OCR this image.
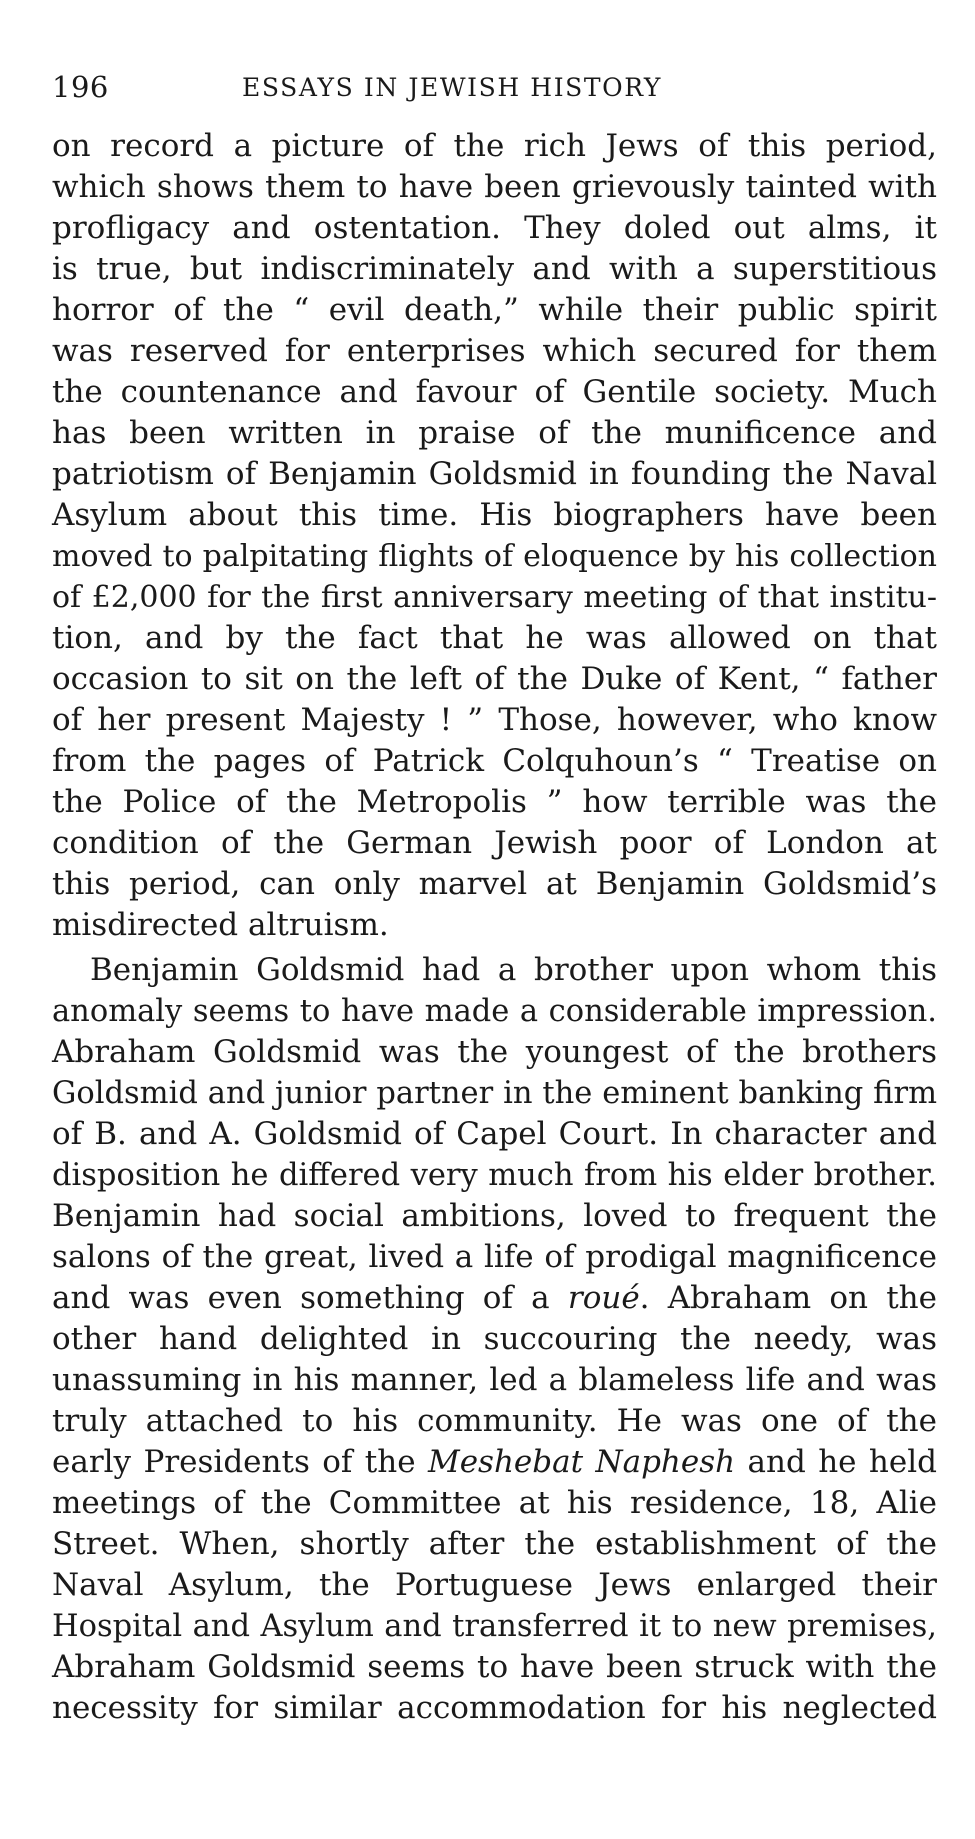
196	ESSAYS IN JEWISH HISTORY
on record a picture of the rich Jews of this period,
which shows them to have been grievously tainted with
profligacy and ostentation. They doled out alms, it
is true, but indiscriminately and with a superstitious
horror of the “ evil death,” while their public spirit
was reserved for enterprises which secured for them
the countenance and favour of Gentile society. Much
has been written in praise of the munificence and
patriotism of Benjamin Goldsmid in founding the Naval
Asylum about this time. His biographers have been
moved to palpitating flights of eloquence by his collection
of £2,000 for the first anniversary meeting of that institu-
tion, and by the fact that he was allowed on that
occasion to sit on the left of the Duke of Kent, “ father
of her present Majesty ! ” Those, however, who know
from the pages of Patrick Colquhoun’s “ Treatise on
the Police of the Metropolis ” how terrible was the
condition of the German Jewish poor of London at
this period, can only marvel at Benjamin Goldsmid’s
misdirected altruism.
Benjamin Goldsmid had a brother upon whom this
anomaly seems to have made a considerable impression.
Abraham Goldsmid was the youngest of the brothers
Goldsmid and junior partner in the eminent banking firm
of B. and A. Goldsmid of Capel Court. In character and
disposition he differed very much from his elder brother.
Benjamin had social ambitions, loved to frequent the
salons of the great, lived a life of prodigal magnificence
and was even something of a roué. Abraham on the
other hand delighted in succouring the needy, was
unassuming in his manner, led a blameless life and was
truly attached to his community. He was one of the
early Presidents of the Meshebat Naphesh and he held
meetings of the Committee at his residence, 18, Alie
Street. When, shortly after the establishment of the
Naval Asylum, the Portuguese Jews enlarged their
Hospital and Asylum and transferred it to new premises,
Abraham Goldsmid seems to have been struck with the
necessity for similar accommodation for his neglected
